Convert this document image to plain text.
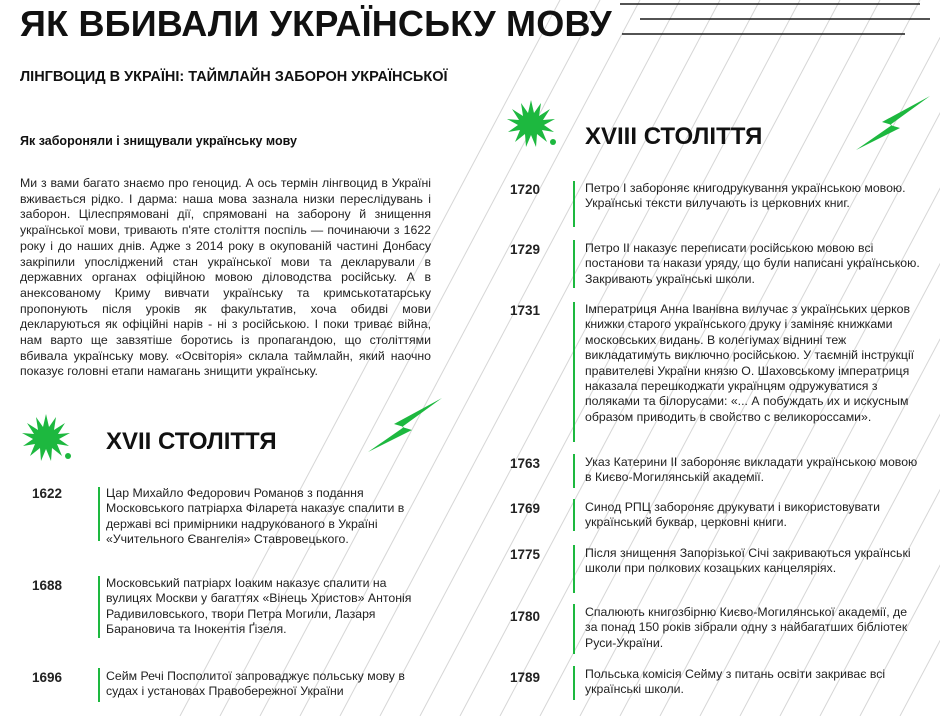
ЯК ВБИВАЛИ УКРАЇНСЬКУ МОВУ
ЛІНГВОЦИД В УКРАЇНІ: ТАЙМЛАЙН ЗАБОРОН УКРАЇНСЬКОЇ
Як забороняли і знищували українську мову
Ми з вами багато знаємо про геноцид. А ось термін лінгвоцид в Україні вживається рідко. І дарма: наша мова зазнала низки переслідувань і заборон. Цілеспрямовані дії, спрямовані на заборону й знищення української мови, тривають п'яте століття поспіль — починаючи з 1622 року і до наших днів. Адже з 2014 року в окупованій частині Донбасу закріпили упосліджений стан української мови та декларували в державних органах офіційною мовою діловодства російську. А в анексованому Криму вивчати українську та кримськотатарську пропонують після уроків як факультатив, хоча обидві мови декларуються як офіційні нарів - ні з російською. І поки триває війна, нам варто ще завзятіше боротись із пропагандою, що століттями вбивала українську мову. «Освіторія» склала таймлайн, який наочно показує головні етапи намагань знищити українську.
XVII СТОЛІТТЯ
1622	Цар Михайло Федорович Романов з подання Московського патріарха Філарета наказує спалити в державі всі примірники надрукованого в Україні «Учительного Євангелія» Ставровецького.
1688	Московський патріарх Іоаким наказує спалити на вулицях Москви у багаттях «Вінець Христов» Антонія Радивиловського, твори Петра Могили, Лазаря Барановича та Інокентія Ґізеля.
1696	Сейм Речі Посполитої запроваджує польську мову в судах і установах Правобережної України
XVIII СТОЛІТТЯ
1720	Петро І забороняє книгодрукування українською мовою. Українські тексти вилучають із церковних книг.
1729	Петро ІІ наказує переписати російською мовою всі постанови та накази уряду, що були написані українською. Закривають українські школи.
1731	Імператриця Анна Іванівна вилучає з українських церков книжки старого українського друку і заміняє книжками московських видань. В колегіумах віднині теж викладатимуть виключно російською. У таємній інструкції правителеві України князю О. Шаховському імператриця наказала перешкоджати українцям одружуватися з поляками та білорусами: «... А побуждать их и искусным образом приводить в свойство с великороссами».
1763	Указ Катерини ІІ забороняє викладати українською мовою в Києво-Могилянській академії.
1769	Синод РПЦ забороняє друкувати і використовувати український буквар, церковні книги.
1775	Після знищення Запорізької Січі закриваються українські школи при полкових козацьких канцеляріях.
1780	Спалюють книгозбірню Києво-Могилянської академії, де за понад 150 років зібрали одну з найбагатших бібліотек Руси-України.
1789	Польська комісія Сейму з питань освіти закриває всі українські школи.
